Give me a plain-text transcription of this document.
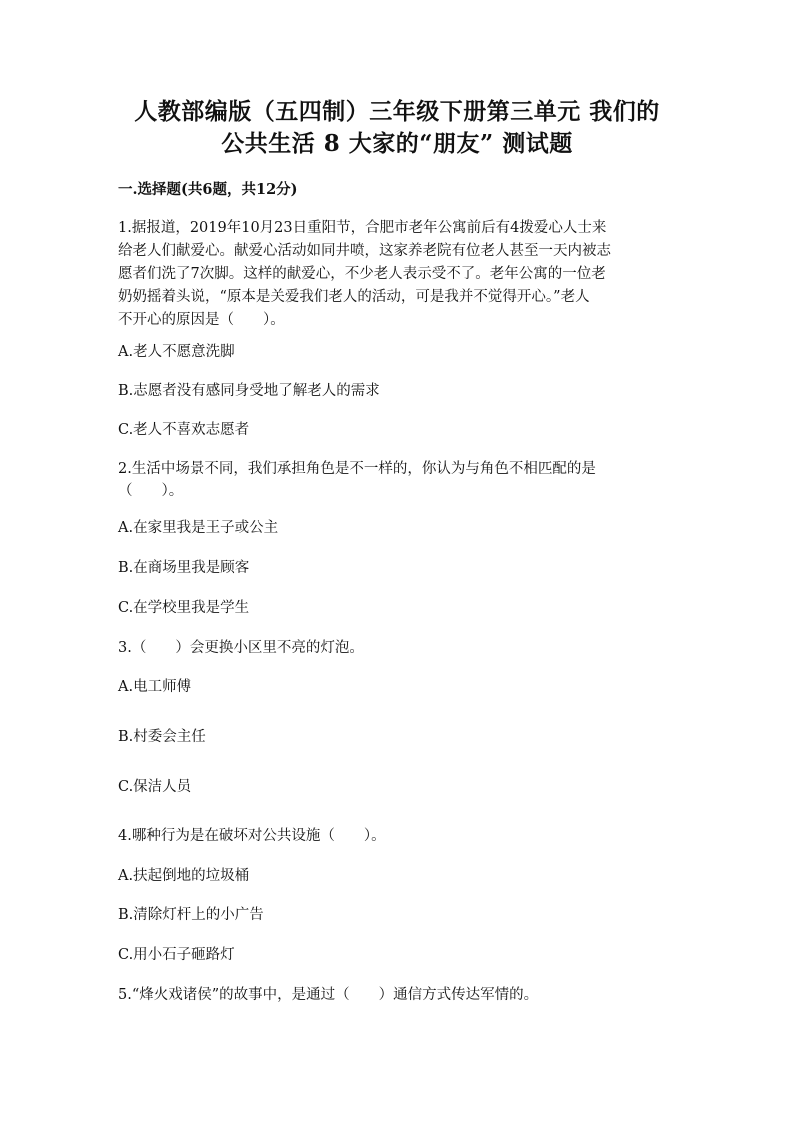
人教部编版（五四制）三年级下册第三单元 我们的
公共生活 8 大家的“朋友” 测试题
一.选择题(共6题，共12分)
1.据报道，2019年10月23日重阳节，合肥市老年公寓前后有4拨爱心人士来
给老人们献爱心。献爱心活动如同井喷，这家养老院有位老人甚至一天内被志
愿者们洗了7次脚。这样的献爱心，不少老人表示受不了。老年公寓的一位老
奶奶摇着头说，“原本是关爱我们老人的活动，可是我并不觉得开心。”老人
不开心的原因是（　　）。
A.老人不愿意洗脚
B.志愿者没有感同身受地了解老人的需求
C.老人不喜欢志愿者
2.生活中场景不同，我们承担角色是不一样的，你认为与角色不相匹配的是
（　　）。
A.在家里我是王子或公主
B.在商场里我是顾客
C.在学校里我是学生
3.（　　）会更换小区里不亮的灯泡。
A.电工师傅
B.村委会主任
C.保洁人员
4.哪种行为是在破坏对公共设施（　　）。
A.扶起倒地的垃圾桶
B.清除灯杆上的小广告
C.用小石子砸路灯
5.“烽火戏诸侯”的故事中，是通过（　　）通信方式传达军情的。
